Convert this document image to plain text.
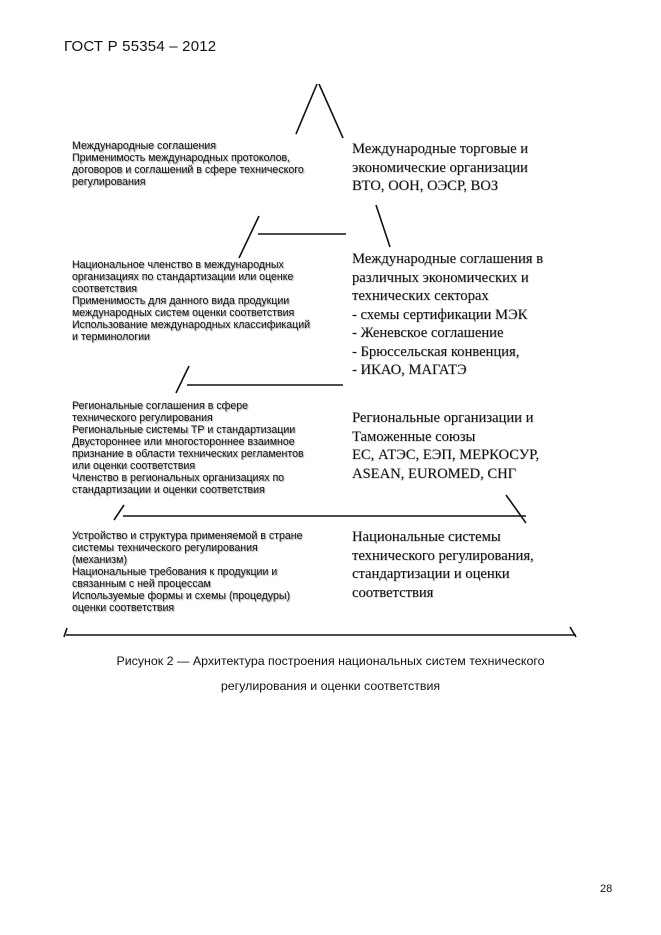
ГОСТ Р 55354 – 2012
Международные соглашения
Применимость международных протоколов,
договоров и соглашений в сфере технического
регулирования
Международные торговые и
экономические организации
ВТО, ООН, ОЭСР, ВОЗ
Национальное членство в международных
организациях по стандартизации или оценке
соответствия
Применимость для данного вида продукции
международных систем оценки соответствия
Использование международных классификаций
и терминологии
Международные соглашения в
различных экономических и
технических секторах
- схемы сертификации МЭК
- Женевское соглашение
- Брюссельская конвенция,
- ИКАО, МАГАТЭ
Региональные соглашения в сфере
технического регулирования
Региональные системы ТР и стандартизации
Двустороннее или многостороннее взаимное
признание в области технических регламентов
или оценки соответствия
Членство в региональных организациях по
стандартизации и оценки соответствия
Региональные организации и
Таможенные союзы
ЕС, АТЭС, ЕЭП, МЕРКОСУР,
ASEAN, EUROMED, СНГ
Устройство и структура применяемой в стране
системы технического регулирования
(механизм)
Национальные требования к продукции и
связанным с ней процессам
Используемые формы и схемы (процедуры)
оценки соответствия
Национальные системы
технического регулирования,
стандартизации и оценки
соответствия
Рисунок 2 — Архитектура построения национальных систем технического
регулирования и оценки соответствия
28
